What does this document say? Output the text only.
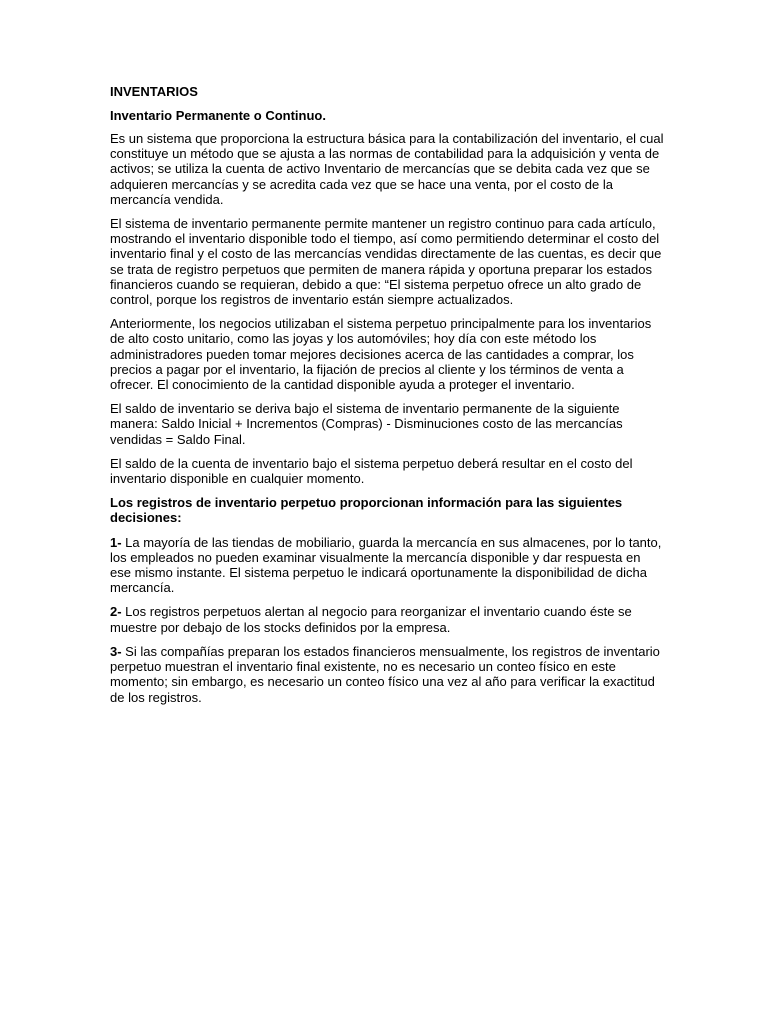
INVENTARIOS
Inventario Permanente o Continuo.

Es un sistema que proporciona la estructura básica para la contabilización del inventario, el cual constituye un método que se ajusta a las normas de contabilidad para la adquisición y venta de activos; se utiliza la cuenta de activo Inventario de mercancías que se debita cada vez que se adquieren mercancías y se acredita cada vez que se hace una venta, por el costo de la mercancía vendida.

El sistema de inventario permanente permite mantener un registro continuo para cada artículo, mostrando el inventario disponible todo el tiempo, así como permitiendo determinar el costo del inventario final y el costo de las mercancías vendidas directamente de las cuentas, es decir que se trata de registro perpetuos que permiten de manera rápida y oportuna preparar los estados financieros cuando se requieran, debido a que: “El sistema perpetuo ofrece un alto grado de control, porque los registros de inventario están siempre actualizados.

Anteriormente, los negocios utilizaban el sistema perpetuo principalmente para los inventarios de alto costo unitario, como las joyas y los automóviles; hoy día con este método los administradores pueden tomar mejores decisiones acerca de las cantidades a comprar, los precios a pagar por el inventario, la fijación de precios al cliente y los términos de venta a ofrecer. El conocimiento de la cantidad disponible ayuda a proteger el inventario.

El saldo de inventario se deriva bajo el sistema de inventario permanente de la siguiente manera: Saldo Inicial + Incrementos (Compras) - Disminuciones costo de las mercancías vendidas = Saldo Final.

El saldo de la cuenta de inventario bajo el sistema perpetuo deberá resultar en el costo del inventario disponible en cualquier momento.

Los registros de inventario perpetuo proporcionan información para las siguientes decisiones:

1- La mayoría de las tiendas de mobiliario, guarda la mercancía en sus almacenes, por lo tanto, los empleados no pueden examinar visualmente la mercancía disponible y dar respuesta en ese mismo instante. El sistema perpetuo le indicará oportunamente la disponibilidad de dicha mercancía.

2- Los registros perpetuos alertan al negocio para reorganizar el inventario cuando éste se muestre por debajo de los stocks definidos por la empresa.

3- Si las compañías preparan los estados financieros mensualmente, los registros de inventario perpetuo muestran el inventario final existente, no es necesario un conteo físico en este momento; sin embargo, es necesario un conteo físico una vez al año para verificar la exactitud de los registros.
